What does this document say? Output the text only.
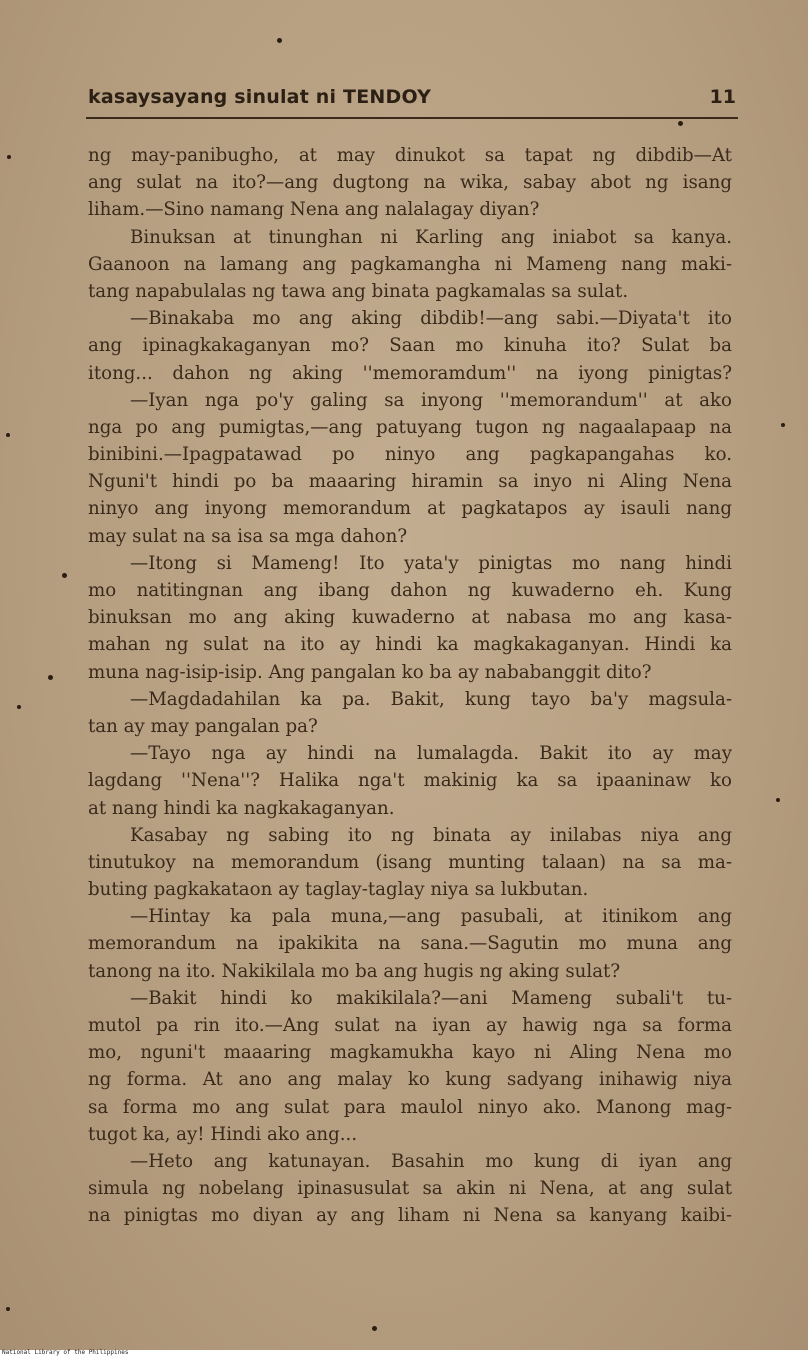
kasaysayang sinulat ni TENDOY	11
ng may-panibugho, at may dinukot sa tapat ng dibdib—At
ang sulat na ito?—ang dugtong na wika, sabay abot ng isang
liham.—Sino namang Nena ang nalalagay diyan?
Binuksan at tinunghan ni Karling ang iniabot sa kanya.
Gaanoon na lamang ang pagkamangha ni Mameng nang maki-
tang napabulalas ng tawa ang binata pagkamalas sa sulat.
—Binakaba mo ang aking dibdib!—ang sabi.—Diyata't ito
ang ipinagkakaganyan mo? Saan mo kinuha ito? Sulat ba
itong... dahon ng aking ''memoramdum'' na iyong pinigtas?
—Iyan nga po'y galing sa inyong ''memorandum'' at ako
nga po ang pumigtas,—ang patuyang tugon ng nagaalapaap na
binibini.—Ipagpatawad po ninyo ang pagkapangahas ko.
Nguni't hindi po ba maaaring hiramin sa inyo ni Aling Nena
ninyo ang inyong memorandum at pagkatapos ay isauli nang
may sulat na sa isa sa mga dahon?
—Itong si Mameng! Ito yata'y pinigtas mo nang hindi
mo natitingnan ang ibang dahon ng kuwaderno eh. Kung
binuksan mo ang aking kuwaderno at nabasa mo ang kasa-
mahan ng sulat na ito ay hindi ka magkakaganyan. Hindi ka
muna nag-isip-isip. Ang pangalan ko ba ay nababanggit dito?
—Magdadahilan ka pa. Bakit, kung tayo ba'y magsula-
tan ay may pangalan pa?
—Tayo nga ay hindi na lumalagda. Bakit ito ay may
lagdang ''Nena''? Halika nga't makinig ka sa ipaaninaw ko
at nang hindi ka nagkakaganyan.
Kasabay ng sabing ito ng binata ay inilabas niya ang
tinutukoy na memorandum (isang munting talaan) na sa ma-
buting pagkakataon ay taglay-taglay niya sa lukbutan.
—Hintay ka pala muna,—ang pasubali, at itinikom ang
memorandum na ipakikita na sana.—Sagutin mo muna ang
tanong na ito. Nakikilala mo ba ang hugis ng aking sulat?
—Bakit hindi ko makikilala?—ani Mameng subali't tu-
mutol pa rin ito.—Ang sulat na iyan ay hawig nga sa forma
mo, nguni't maaaring magkamukha kayo ni Aling Nena mo
ng forma. At ano ang malay ko kung sadyang inihawig niya
sa forma mo ang sulat para maulol ninyo ako. Manong mag-
tugot ka, ay! Hindi ako ang...
—Heto ang katunayan. Basahin mo kung di iyan ang
simula ng nobelang ipinasusulat sa akin ni Nena, at ang sulat
na pinigtas mo diyan ay ang liham ni Nena sa kanyang kaibi-
National Library of the Philippines
